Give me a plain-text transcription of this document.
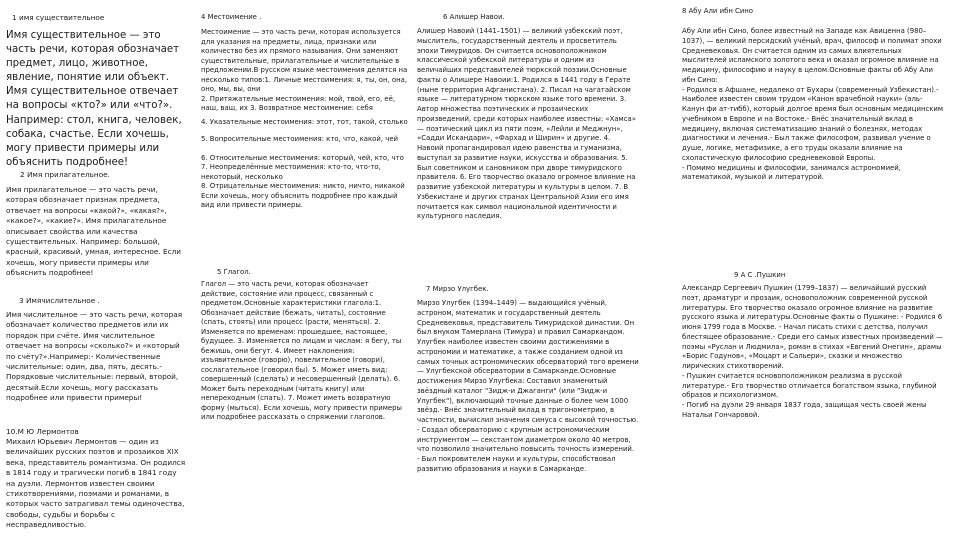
1 имя существительное

Имя существительное — это часть речи, которая обозначает предмет, лицо, животное, явление, понятие или объект. Имя существительное отвечает на вопросы «кто?» или «что?». Например: стол, книга, человек, собака, счастье. Если хочешь, могу привести примеры или объяснить подробнее!

2 Имя прилагательное.

Имя прилагательное — это часть речи, которая обозначает признак предмета, отвечает на вопросы «какой?», «какая?», «какое?», «какие?». Имя прилагательное описывает свойства или качества существительных. Например: большой, красный, красивый, умная, интересное. Если хочешь, могу привести примеры или объяснить подробнее!

3 Имячислительное .

Имя числительное — это часть речи, которая обозначает количество предметов или их порядок при счёте. Имя числительное отвечает на вопросы «сколько?» и «который по счёту?».Например:- Количественные числительные: один, два, пять, десять.- Порядковые числительные: первый, второй, десятый.Если хочешь, могу рассказать подробнее или привести примеры!

10.М Ю Лермонтов

Михаил Юрьевич Лермонтов — один из величайших русских поэтов и прозаиков XIX века, представитель романтизма. Он родился в 1814 году и трагически погиб в 1841 году на дуэли. Лермонтов известен своими стихотворениями, поэмами и романами, в которых часто затрагивал темы одиночества, свободы, судьбы и борьбы с несправедливостью.

4 Местоимение .

Местоимение — это часть речи, которая используется для указания на предметы, лица, признаки или количество без их прямого называния. Они заменяют существительные, прилагательные и числительные в предложении.В русском языке местоимения делятся на несколько типов:1. Личные местоимения: я, ты, он, она, оно, мы, вы, они

2. Притяжательные местоимения: мой, твой, его, её, наш, ваш, их 3. Возвратное местоимение: себя

4. Указательные местоимения: этот, тот, такой, столько

5. Вопросительные местоимения: кто, что, какой, чей

6. Относительные местоимения: который, чей, кто, что

7. Неопределённые местоимения: кто-то, что-то, некоторый, несколько

8. Отрицательные местоимения: никто, ничто, никакой

Если хочешь, могу объяснить подробнее про каждый вид или привести примеры.

5 Глагол.

Глагол — это часть речи, которая обозначает действие, состояние или процесс, связанный с предметом.Основные характеристики глагола:1. Обозначает действие (бежать, читать), состояние (спать, стоять) или процесс (расти, меняться). 2. Изменяется по временам: прошедшее, настоящее, будущее. 3. Изменяется по лицам и числам: я бегу, ты бежишь, они бегут. 4. Имеет наклонения: изъявительное (говорю), повелительное (говори), сослагательное (говорил бы). 5. Может иметь вид: совершенный (сделать) и несовершенный (делать). 6. Может быть переходным (читать книгу) или непереходным (спать). 7. Может иметь возвратную форму (мыться). Если хочешь, могу привести примеры или подробнее рассказать о спряжении глаголов.

6 Алишер Навои.

Алишер Навоий (1441–1501) — великий узбекский поэт, мыслитель, государственный деятель и просветитель эпохи Тимуридов. Он считается основоположником классической узбекской литературы и одним из величайших представителей тюркской поэзии.Основные факты о Алишере Навоии:1. Родился в 1441 году в Герате (ныне территория Афганистана). 2. Писал на чагатайском языке — литературном тюркском языке того времени. 3. Автор множества поэтических и прозаических произведений, среди которых наиболее известны: «Хамса» — поэтический цикл из пяти поэм, «Лейли и Меджнун», «Садди Искандари», «Фархад и Ширин» и другие. 4. Навоий пропагандировал идею равенства и гуманизма, выступал за развитие науки, искусства и образования. 5. Был советником и сановником при дворе тимуридского правителя. 6. Его творчество оказало огромное влияние на развитие узбекской литературы и культуры в целом. 7. В Узбекистане и других странах Центральной Азии его имя почитается как символ национальной идентичности и культурного наследия.

7 Мирзо Улугбек.

Мирзо Улугбек (1394–1449) — выдающийся учёный, астроном, математик и государственный деятель Средневековья, представитель Тимуридской династии. Он был внуком Тамерлана (Тимура) и правил Самаркандом. Улугбек наиболее известен своими достижениями в астрономии и математике, а также созданием одной из самых точных астрономических обсерваторий того времени — Улугбекской обсерватории в Самарканде.Основные достижения Мирзо Улугбека: Составил знаменитый звёздный каталог "Зидж-и Джаганги" (или "Зидж-и Улугбек"), включающий точные данные о более чем 1000 звёзд.- Внёс значительный вклад в тригонометрию, в частности, вычислил значения синуса с высокой точностью.

- Создал обсерваторию с крупным астрономическим инструментом — секстантом диаметром около 40 метров, что позволило значительно повысить точность измерений.

- Был покровителем науки и культуры, способствовал развитию образования и науки в Самарканде.

8 Абу Али ибн Сино

Абу Али ибн Сино, более известный на Западе как Авиценна (980–1037), — великий персидский учёный, врач, философ и полимат эпохи Средневековья. Он считается одним из самых влиятельных мыслителей исламского золотого века и оказал огромное влияние на медицину, философию и науку в целом.Основные факты об Абу Али ибн Сино:

- Родился в Афшане, недалеко от Бухары (современный Узбекистан).- Наиболее известен своим трудом «Канон врачебной науки» (аль-Канун фи ат-тибб), который долгое время был основным медицинским учебником в Европе и на Востоке.- Внёс значительный вклад в медицину, включая систематизацию знаний о болезнях, методах диагностики и лечения.- Был также философом, развивал учение о душе, логике, метафизике, а его труды оказали влияние на схоластическую философию средневековой Европы.

- Помимо медицины и философии, занимался астрономией, математикой, музыкой и литературой.

9 А С .Пушкин

Александр Сергеевич Пушкин (1799–1837) — величайший русский поэт, драматург и прозаик, основоположник современной русской литературы. Его творчество оказало огромное влияние на развитие русского языка и литературы.Основные факты о Пушкине: - Родился 6 июня 1799 года в Москве. - Начал писать стихи с детства, получил блестящее образование.- Среди его самых известных произведений — поэмы «Руслан и Людмила», роман в стихах «Евгений Онегин», драмы «Борис Годунов», «Моцарт и Сальери», сказки и множество лирических стихотворений.

- Пушкин считается основоположником реализма в русской литературе.- Его творчество отличается богатством языка, глубиной образов и психологизмом.

- Погиб на дуэли 29 января 1837 года, защищая честь своей жены Натальи Гончаровой.
